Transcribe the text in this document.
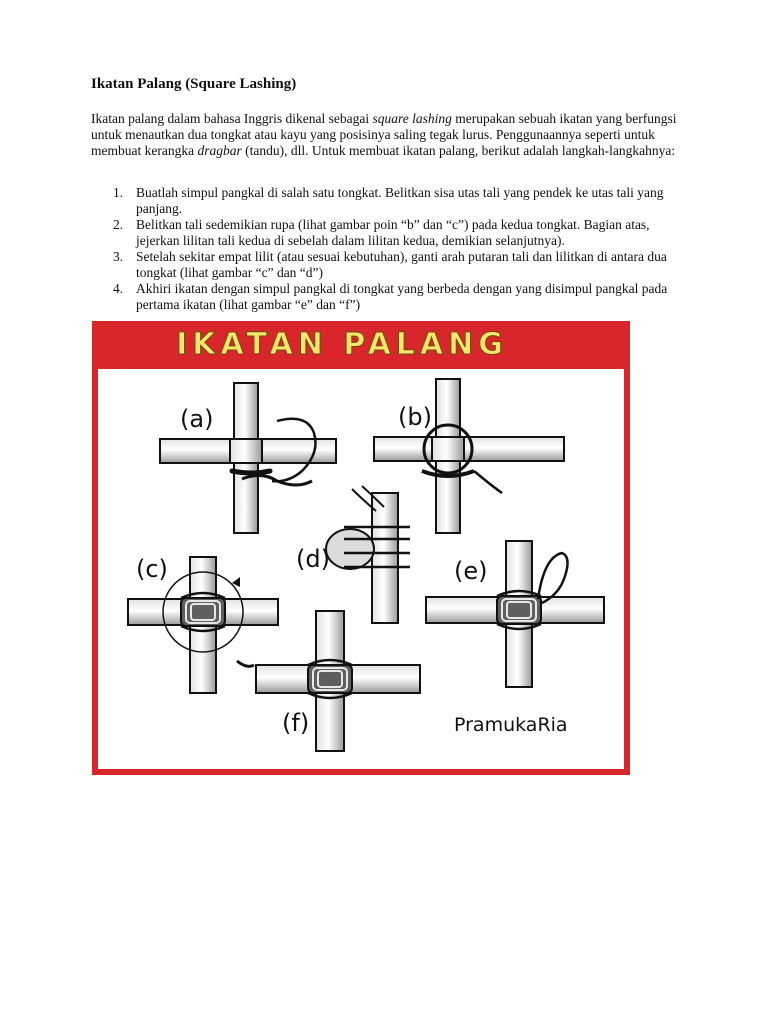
Ikatan Palang (Square Lashing)
Ikatan palang dalam bahasa Inggris dikenal sebagai square lashing merupakan sebuah ikatan yang berfungsi untuk menautkan dua tongkat atau kayu yang posisinya saling tegak lurus. Penggunaannya seperti untuk membuat kerangka dragbar (tandu), dll. Untuk membuat ikatan palang, berikut adalah langkah-langkahnya:
1. Buatlah simpul pangkal di salah satu tongkat. Belitkan sisa utas tali yang pendek ke utas tali yang panjang.
2. Belitkan tali sedemikian rupa (lihat gambar poin “b” dan “c”) pada kedua tongkat. Bagian atas, jejerkan lilitan tali kedua di sebelah dalam lilitan kedua, demikian selanjutnya).
3. Setelah sekitar empat lilit (atau sesuai kebutuhan), ganti arah putaran tali dan lilitkan di antara dua tongkat (lihat gambar “c” dan “d”)
4. Akhiri ikatan dengan simpul pangkal di tongkat yang berbeda dengan yang disimpul pangkal pada pertama ikatan (lihat gambar “e” dan “f”)
IKATAN PALANG
(a)	(b)
(d)
(c)	(e)
(f)	PramukaRia
